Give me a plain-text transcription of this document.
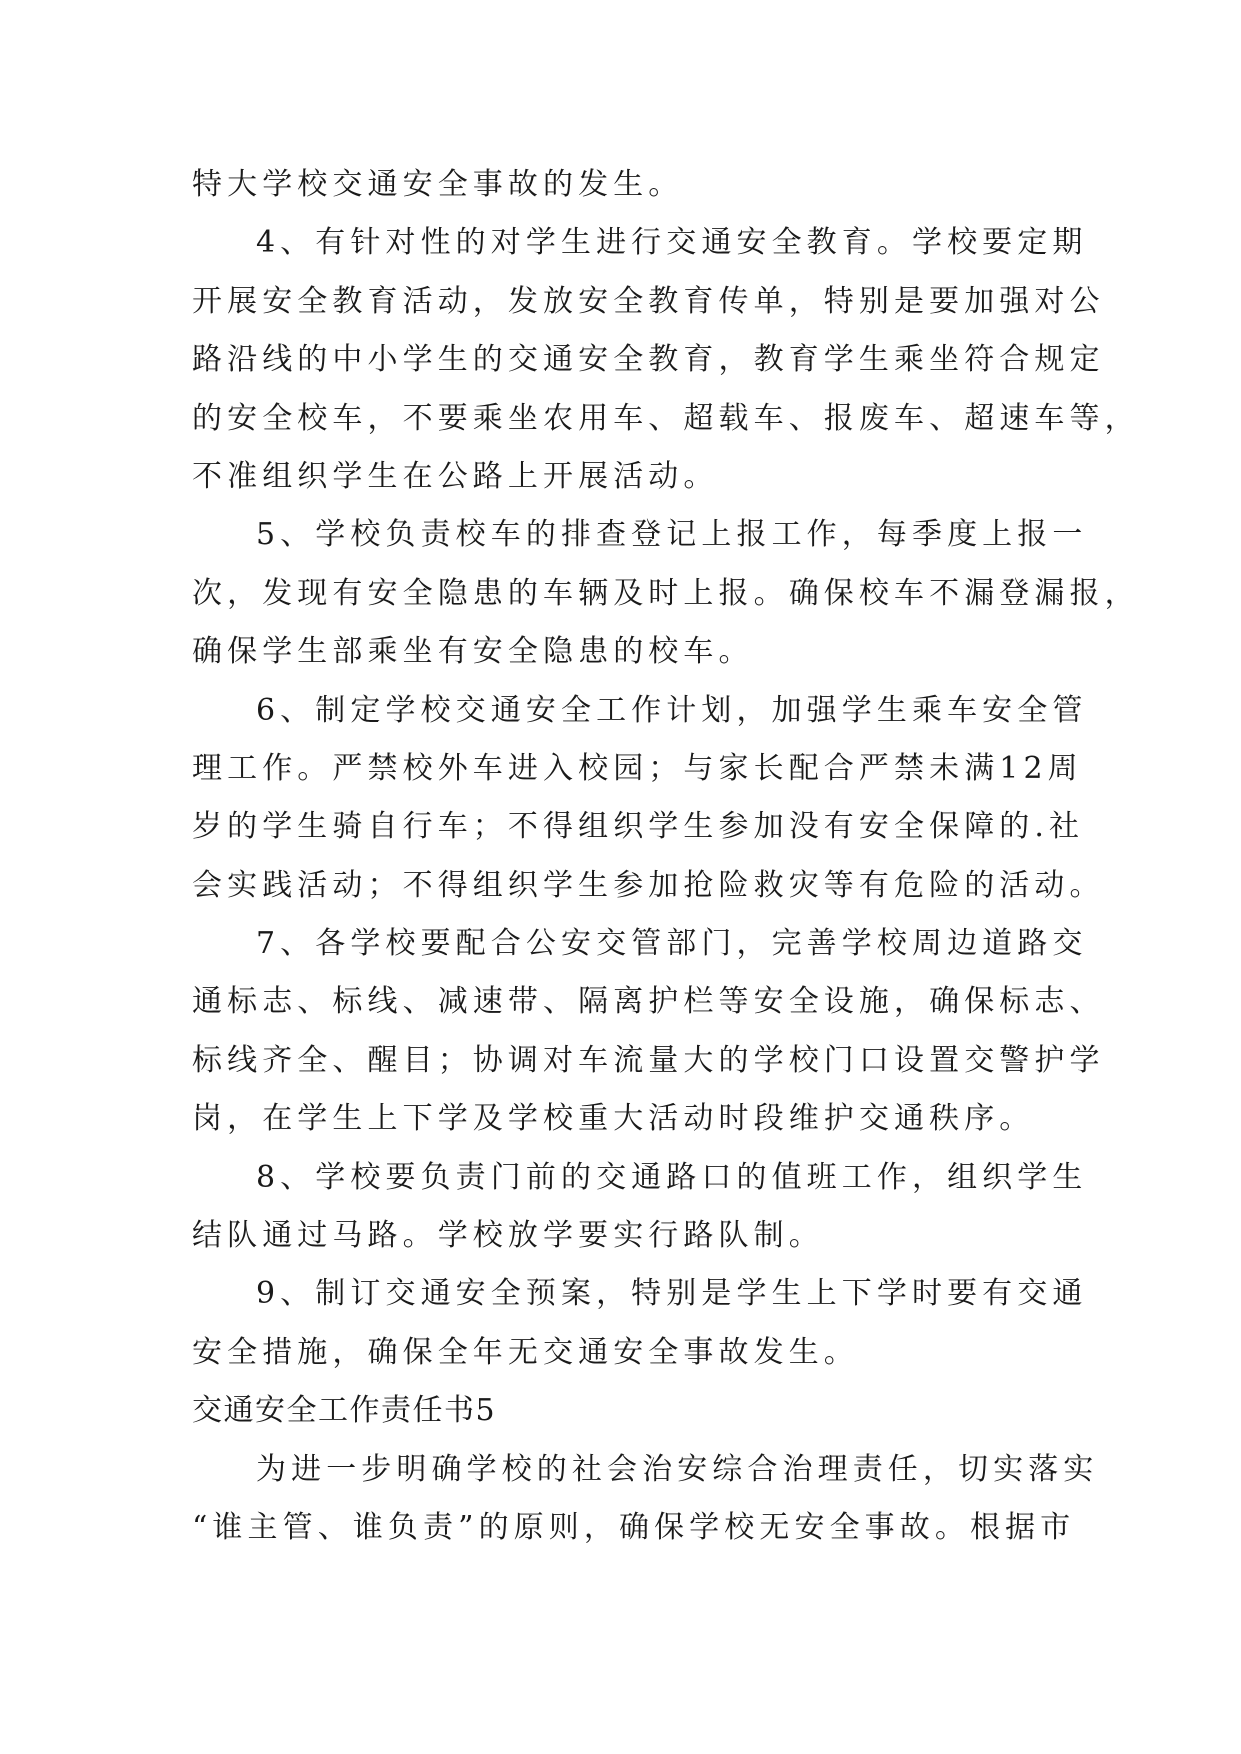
特大学校交通安全事故的发生。
4、有针对性的对学生进行交通安全教育。学校要定期
开展安全教育活动，发放安全教育传单，特别是要加强对公
路沿线的中小学生的交通安全教育，教育学生乘坐符合规定
的安全校车，不要乘坐农用车、超载车、报废车、超速车等，
不准组织学生在公路上开展活动。
5、学校负责校车的排查登记上报工作，每季度上报一
次，发现有安全隐患的车辆及时上报。确保校车不漏登漏报，
确保学生部乘坐有安全隐患的校车。
6、制定学校交通安全工作计划，加强学生乘车安全管
理工作。严禁校外车进入校园；与家长配合严禁未满12周
岁的学生骑自行车；不得组织学生参加没有安全保障的.社
会实践活动；不得组织学生参加抢险救灾等有危险的活动。
7、各学校要配合公安交管部门，完善学校周边道路交
通标志、标线、减速带、隔离护栏等安全设施，确保标志、
标线齐全、醒目；协调对车流量大的学校门口设置交警护学
岗，在学生上下学及学校重大活动时段维护交通秩序。
8、学校要负责门前的交通路口的值班工作，组织学生
结队通过马路。学校放学要实行路队制。
9、制订交通安全预案，特别是学生上下学时要有交通
安全措施，确保全年无交通安全事故发生。
交通安全工作责任书5
为进一步明确学校的社会治安综合治理责任，切实落实
“谁主管、谁负责”的原则，确保学校无安全事故。根据市
